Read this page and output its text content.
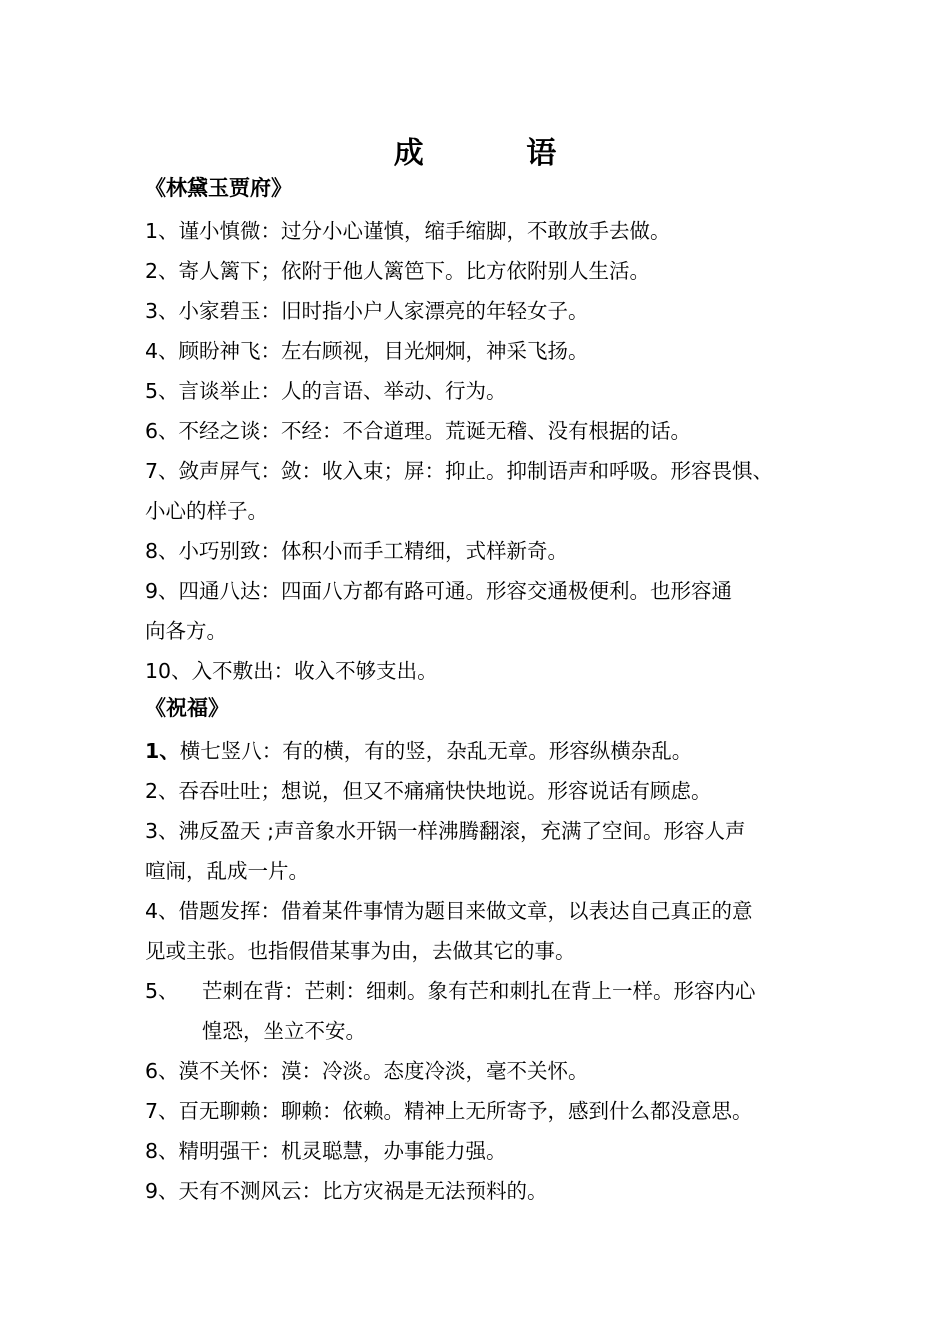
成 语
《林黛玉贾府》
1、谨小慎微：过分小心谨慎，缩手缩脚，不敢放手去做。
2、寄人篱下；依附于他人篱笆下。比方依附别人生活。
3、小家碧玉：旧时指小户人家漂亮的年轻女子。
4、顾盼神飞：左右顾视，目光炯炯，神采飞扬。
5、言谈举止：人的言语、举动、行为。
6、不经之谈：不经：不合道理。荒诞无稽、没有根据的话。
7、敛声屏气：敛：收入束；屏：抑止。抑制语声和呼吸。形容畏惧、
小心的样子。
8、小巧别致：体积小而手工精细，式样新奇。
9、四通八达：四面八方都有路可通。形容交通极便利。也形容通
向各方。
10、入不敷出：收入不够支出。
《祝福》
1、横七竖八：有的横，有的竖，杂乱无章。形容纵横杂乱。
2、吞吞吐吐；想说，但又不痛痛快快地说。形容说话有顾虑。
3、沸反盈天 ;声音象水开锅一样沸腾翻滚，充满了空间。形容人声
喧闹，乱成一片。
4、借题发挥：借着某件事情为题目来做文章，以表达自己真正的意
见或主张。也指假借某事为由，去做其它的事。
5、 芒刺在背：芒刺：细刺。象有芒和刺扎在背上一样。形容内心
惶恐，坐立不安。
6、漠不关怀：漠：冷淡。态度冷淡，毫不关怀。
7、百无聊赖：聊赖：依赖。精神上无所寄予，感到什么都没意思。
8、精明强干：机灵聪慧，办事能力强。
9、天有不测风云：比方灾祸是无法预料的。
